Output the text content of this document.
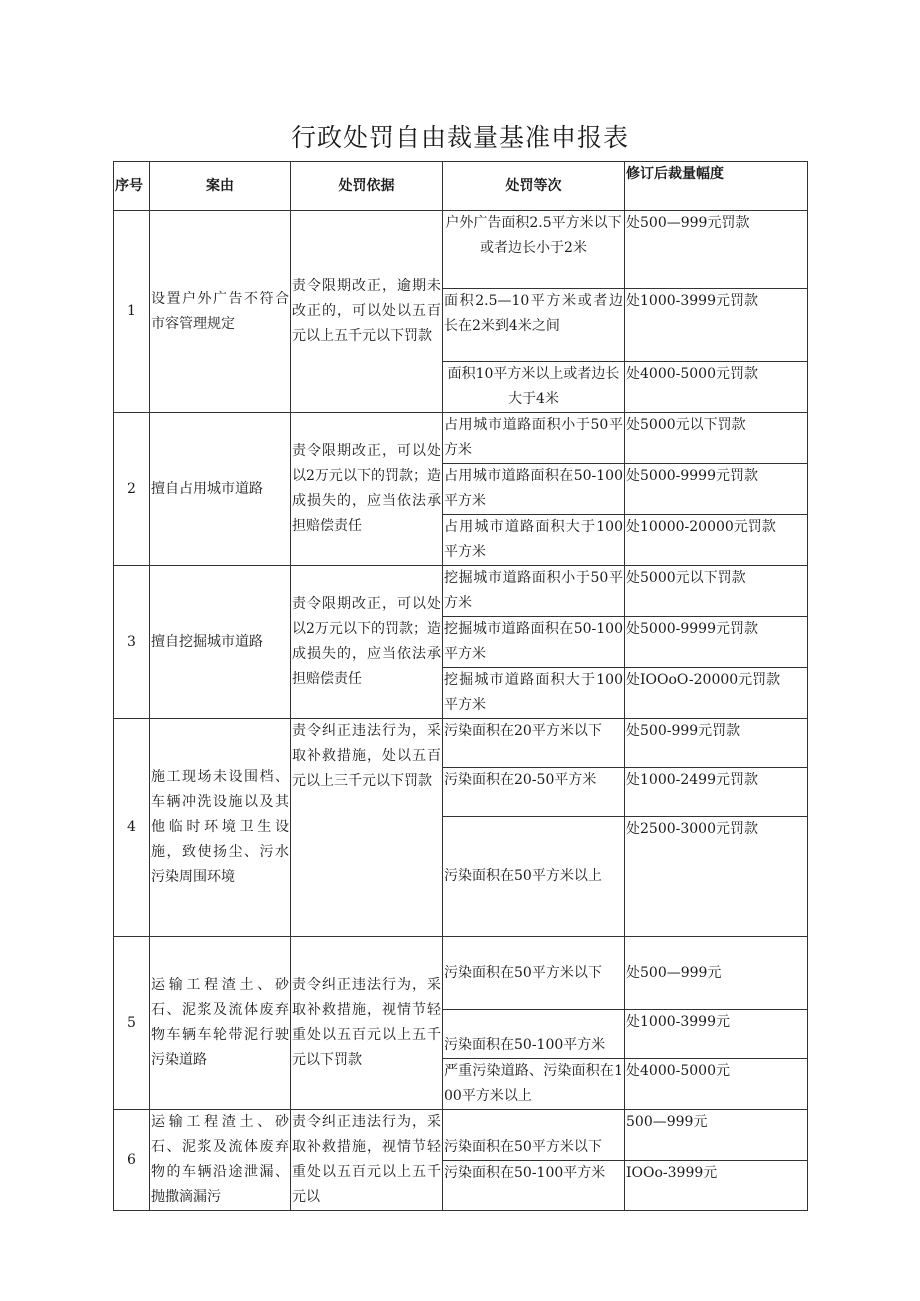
行政处罚自由裁量基准申报表
序号	案由	处罚依据	处罚等次	修订后裁量幅度
1	设置户外广告不符合市容管理规定	责令限期改正，逾期未改正的，可以处以五百元以上五千元以下罚款	户外广告面积2.5平方米以下或者边长小于2米	处500—999元罚款
			面积2.5—10平方米或者边长在2米到4米之间	处1000-3999元罚款
			面积10平方米以上或者边长大于4米	处4000-5000元罚款
2	擅自占用城市道路	责令限期改正，可以处以2万元以下的罚款；造成损失的，应当依法承担赔偿责任	占用城市道路面积小于50平方米	处5000元以下罚款
			占用城市道路面积在50-100平方米	处5000-9999元罚款
			占用城市道路面积大于100平方米	处10000-20000元罚款
3	擅自挖掘城市道路	责令限期改正，可以处以2万元以下的罚款；造成损失的，应当依法承担赔偿责任	挖掘城市道路面积小于50平方米	处5000元以下罚款
			挖掘城市道路面积在50-100平方米	处5000-9999元罚款
			挖掘城市道路面积大于100平方米	处IOOoO-20000元罚款
4	施工现场未设围档、车辆冲洗设施以及其他临时环境卫生设施，致使扬尘、污水污染周围环境	责令纠正违法行为，采取补救措施，处以五百元以上三千元以下罚款	污染面积在20平方米以下	处500-999元罚款
			污染面积在20-50平方米	处1000-2499元罚款
			污染面积在50平方米以上	处2500-3000元罚款
5	运输工程渣土、砂石、泥浆及流体废弃物车辆车轮带泥行驶污染道路	责令纠正违法行为，采取补救措施，视情节轻重处以五百元以上五千元以下罚款	污染面积在50平方米以下	处500—999元
			污染面积在50-100平方米	处1000-3999元
			严重污染道路、污染面积在100平方米以上	处4000-5000元
6	运输工程渣土、砂石、泥浆及流体废弃物的车辆沿途泄漏、抛撒滴漏污	责令纠正违法行为，采取补救措施，视情节轻重处以五百元以上五千元以	污染面积在50平方米以下	500—999元
			污染面积在50-100平方米	IOOo-3999元
